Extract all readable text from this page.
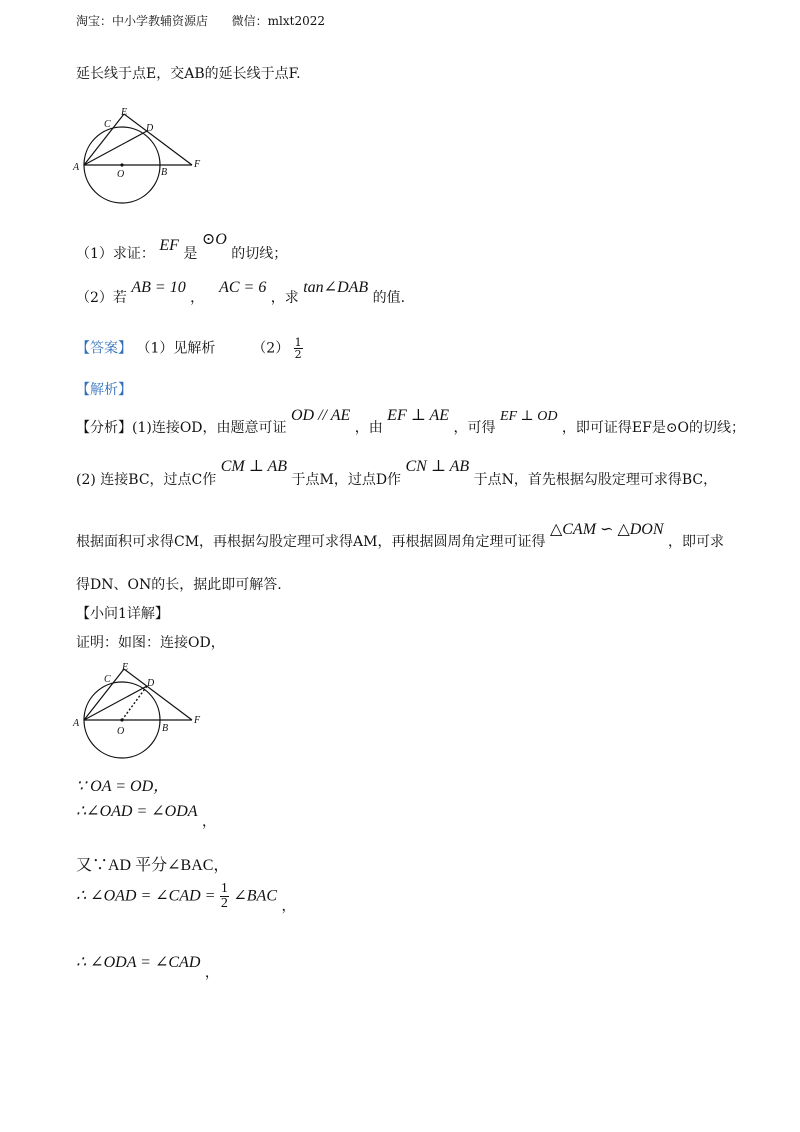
淘宝：中小学教辅资源店 微信：mlxt2022
延长线于点E，交AB的延长线于点F.
A
O	B
F
C
E
D
（1）求证： EF 是 ⊙O 的切线；
（2）若 AB = 10 ，  AC = 6 ，求 tan∠DAB 的值.
【答案】 （1）见解析	$(2) \frac{1}{2}$
【解析】
【分析】(1)连接OD，由题意可证 OD // AE ，由 EF ⊥ AE ，可得 EF ⊥ OD ，即可证得EF是⊙O的切线；
(2) 连接BC，过点C作 CM ⊥ AB 于点M，过点D作 CN ⊥ AB 于点N，首先根据勾股定理可求得BC，
根据面积可求得CM，再根据勾股定理可求得AM，再根据圆周角定理可证得 △CAM ∽ △DON ，即可求
得DN、ON的长，据此即可解答.
【小问1详解】
证明：如图：连接OD，
A
O	B
F
C
E
D
∵ OA = OD，
∴∠OAD = ∠ODA ，
又∵AD 平分∠BAC，
∴ ∠OAD = ∠CAD = $\frac{1}{2}$ ∠BAC ，
∴ ∠ODA = ∠CAD ，
